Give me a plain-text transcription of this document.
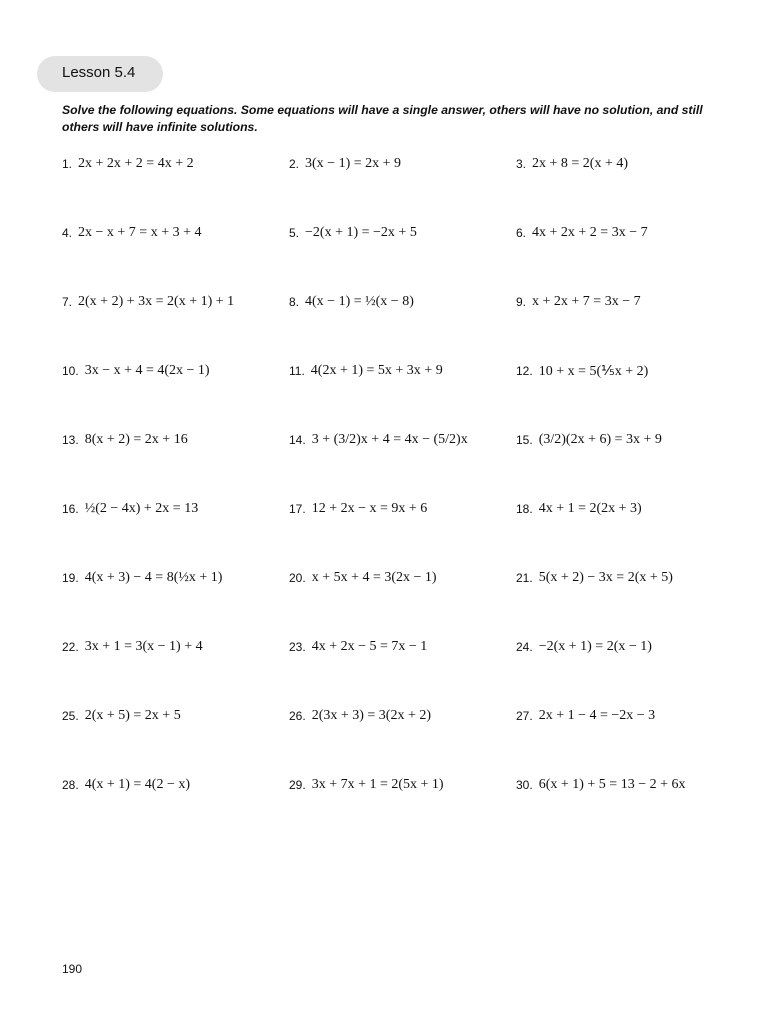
Lesson 5.4
Solve the following equations. Some equations will have a single answer, others will have no solution, and still others will have infinite solutions.
1. 2x + 2x + 2 = 4x + 2	2. 3(x − 1) = 2x + 9	3. 2x + 8 = 2(x + 4)
4. 2x − x + 7 = x + 3 + 4	5. −2(x + 1) = −2x + 5	6. 4x + 2x + 2 = 3x − 7
7. 2(x + 2) + 3x = 2(x + 1) + 1	8. 4(x − 1) = ½(x − 8)	9. x + 2x + 7 = 3x − 7
10. 3x − x + 4 = 4(2x − 1)	11. 4(2x + 1) = 5x + 3x + 9	12. 10 + x = 5(⅕x + 2)
13. 8(x + 2) = 2x + 16	14. 3 + (3/2)x + 4 = 4x − (5/2)x	15. (3/2)(2x + 6) = 3x + 9
16. ½(2 − 4x) + 2x = 13	17. 12 + 2x − x = 9x + 6	18. 4x + 1 = 2(2x + 3)
19. 4(x + 3) − 4 = 8(½x + 1)	20. x + 5x + 4 = 3(2x − 1)	21. 5(x + 2) − 3x = 2(x + 5)
22. 3x + 1 = 3(x − 1) + 4	23. 4x + 2x − 5 = 7x − 1	24. −2(x + 1) = 2(x − 1)
25. 2(x + 5) = 2x + 5	26. 2(3x + 3) = 3(2x + 2)	27. 2x + 1 − 4 = −2x − 3
28. 4(x + 1) = 4(2 − x)	29. 3x + 7x + 1 = 2(5x + 1)	30. 6(x + 1) + 5 = 13 − 2 + 6x
190
